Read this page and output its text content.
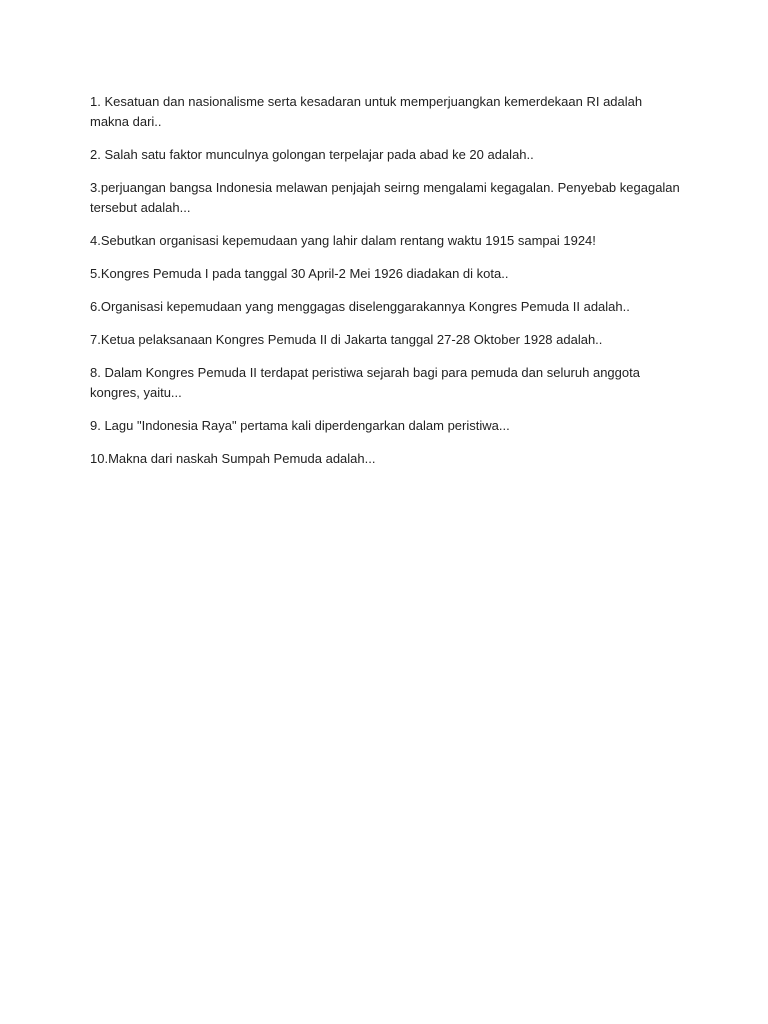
1. Kesatuan dan nasionalisme serta kesadaran untuk memperjuangkan kemerdekaan RI adalah makna dari..

2. Salah satu faktor munculnya golongan terpelajar pada abad ke 20 adalah..

3.perjuangan bangsa Indonesia melawan penjajah seirng mengalami kegagalan. Penyebab kegagalan tersebut adalah...

4.Sebutkan organisasi kepemudaan yang lahir dalam rentang waktu 1915 sampai 1924!

5.Kongres Pemuda I pada tanggal 30 April-2 Mei 1926 diadakan di kota..

6.Organisasi kepemudaan yang menggagas diselenggarakannya Kongres Pemuda II adalah..

7.Ketua pelaksanaan Kongres Pemuda II di Jakarta tanggal 27-28 Oktober 1928 adalah..

8. Dalam Kongres Pemuda II terdapat peristiwa sejarah bagi para pemuda dan seluruh anggota kongres, yaitu...

9. Lagu "Indonesia Raya" pertama kali diperdengarkan dalam peristiwa...

10.Makna dari naskah Sumpah Pemuda adalah...
